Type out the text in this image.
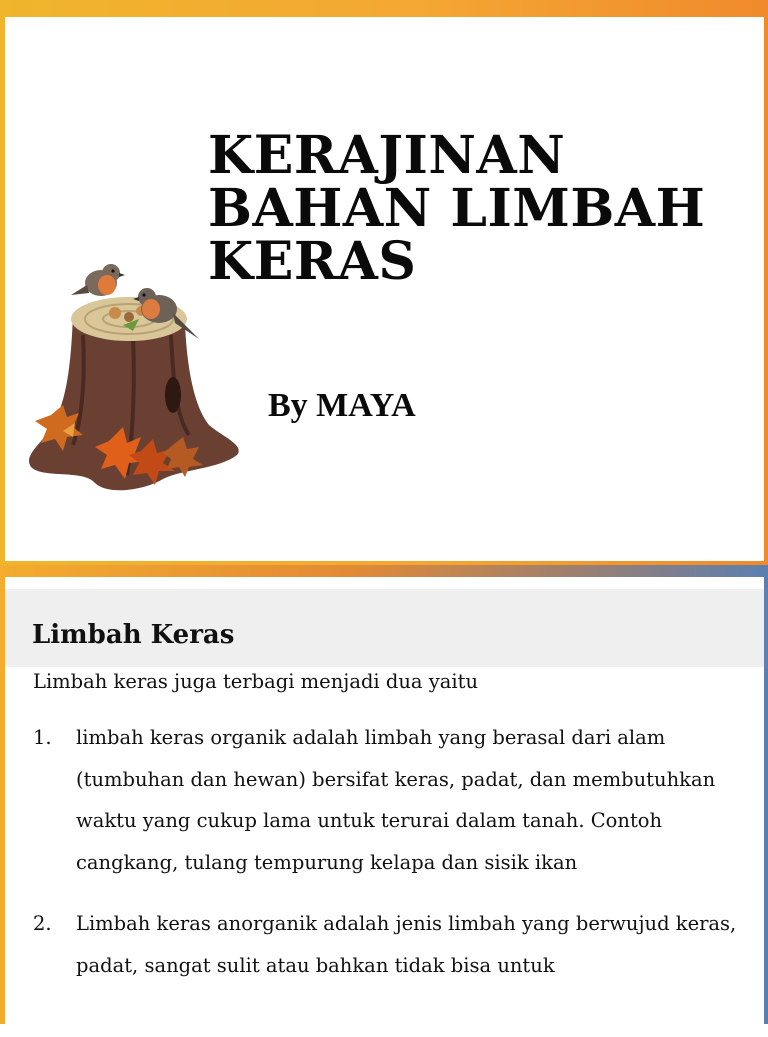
KERAJINAN
BAHAN LIMBAH
KERAS

By MAYA

Limbah Keras

Limbah keras juga terbagi menjadi dua yaitu

1. limbah keras organik adalah limbah yang berasal dari alam (tumbuhan dan hewan) bersifat keras, padat, dan membutuhkan waktu yang cukup lama untuk terurai dalam tanah. Contoh cangkang, tulang tempurung kelapa dan sisik ikan
2. Limbah keras anorganik adalah jenis limbah yang berwujud keras, padat, sangat sulit atau bahkan tidak bisa untuk
